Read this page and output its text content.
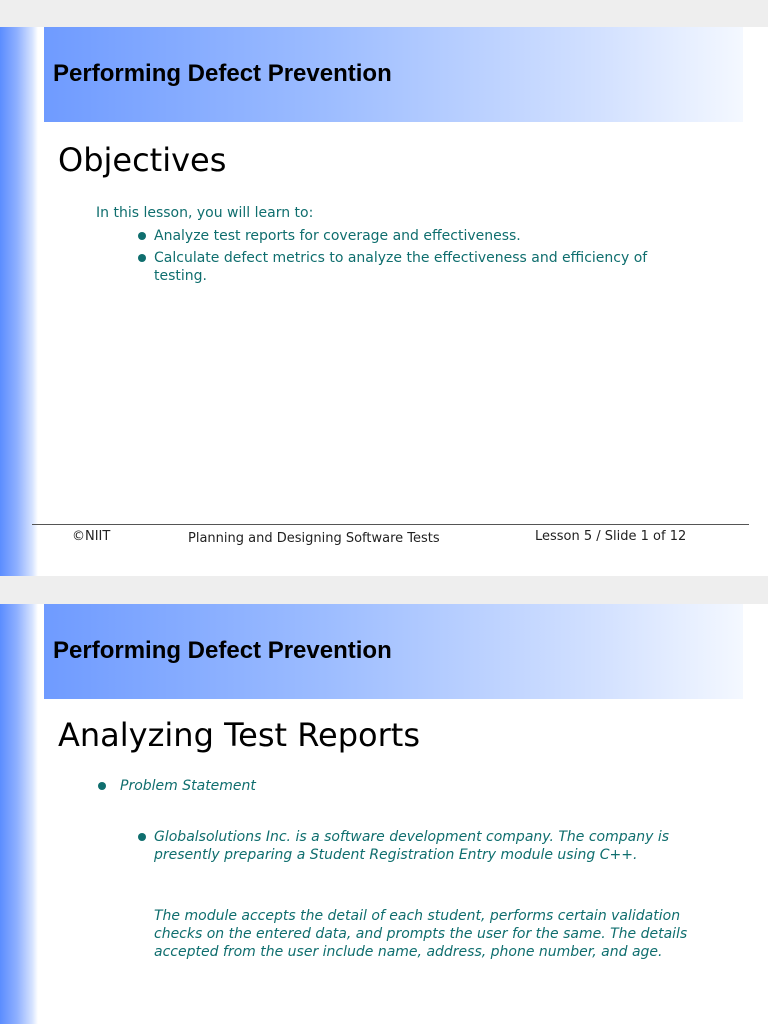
Performing Defect Prevention
Objectives

In this lesson, you will learn to:

Analyze test reports for coverage and effectiveness.
Calculate defect metrics to analyze the effectiveness and efficiency of testing.
©NIIT	Planning and Designing Software Tests	Lesson 5 / Slide 1 of 12
Performing Defect Prevention
Analyzing Test Reports
Problem Statement
Globalsolutions Inc. is a software development company. The company is presently preparing a Student Registration Entry module using C++.

The module accepts the detail of each student, performs certain validation checks on the entered data, and prompts the user for the same. The details accepted from the user include name, address, phone number, and age.
